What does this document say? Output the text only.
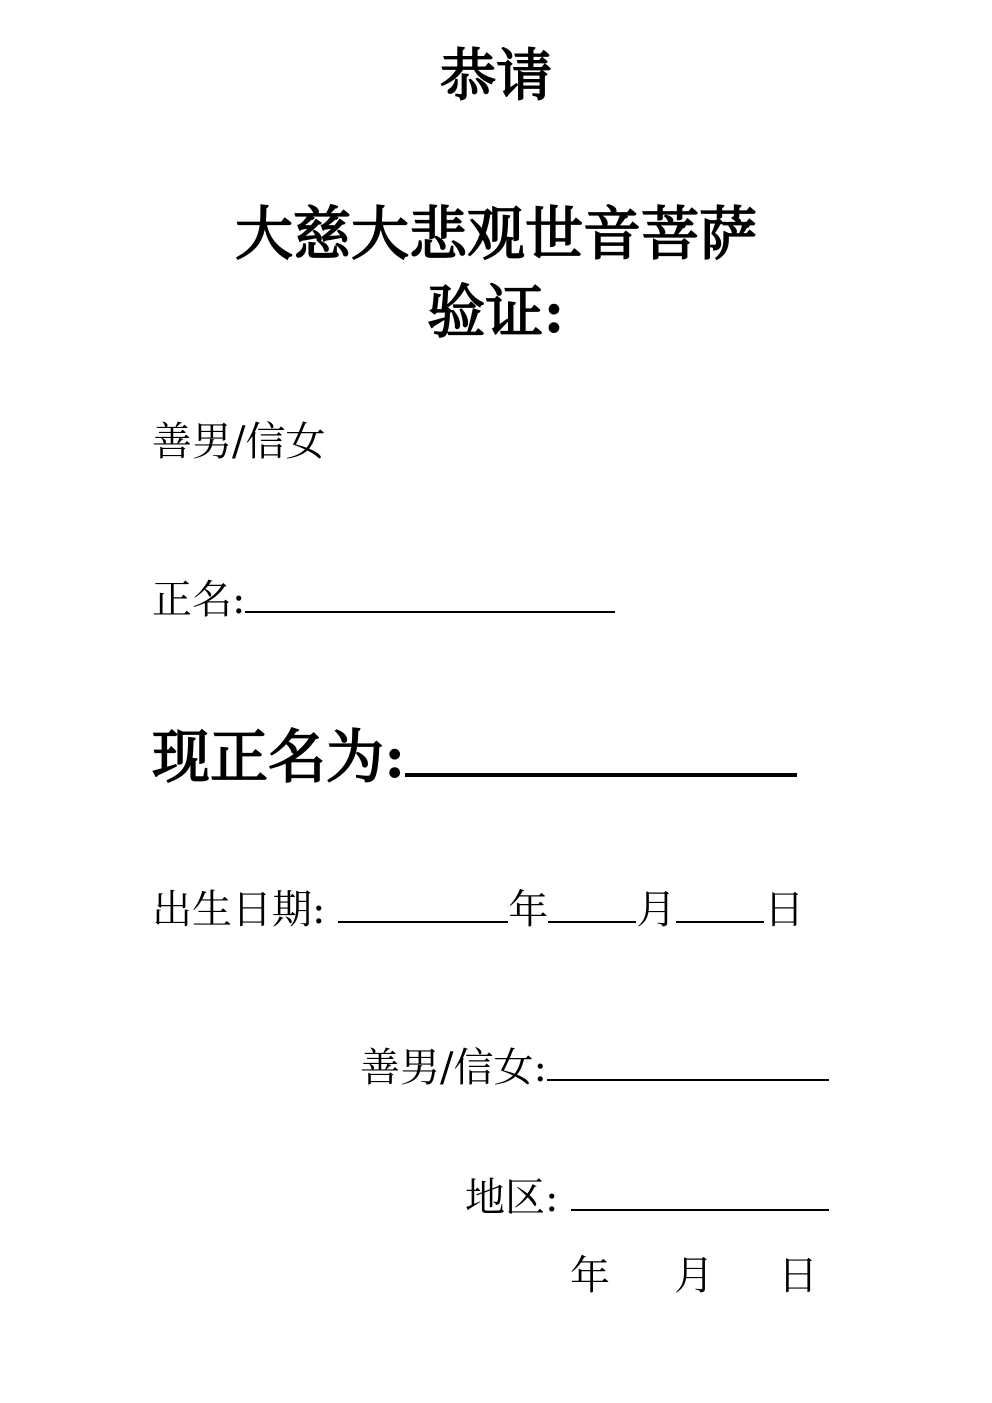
恭请
大慈大悲观世音菩萨
验证:
善男/信女
正名:
现正名为:
出生日期:	年 月 日
善男/信女:
地区:
年 月 日
